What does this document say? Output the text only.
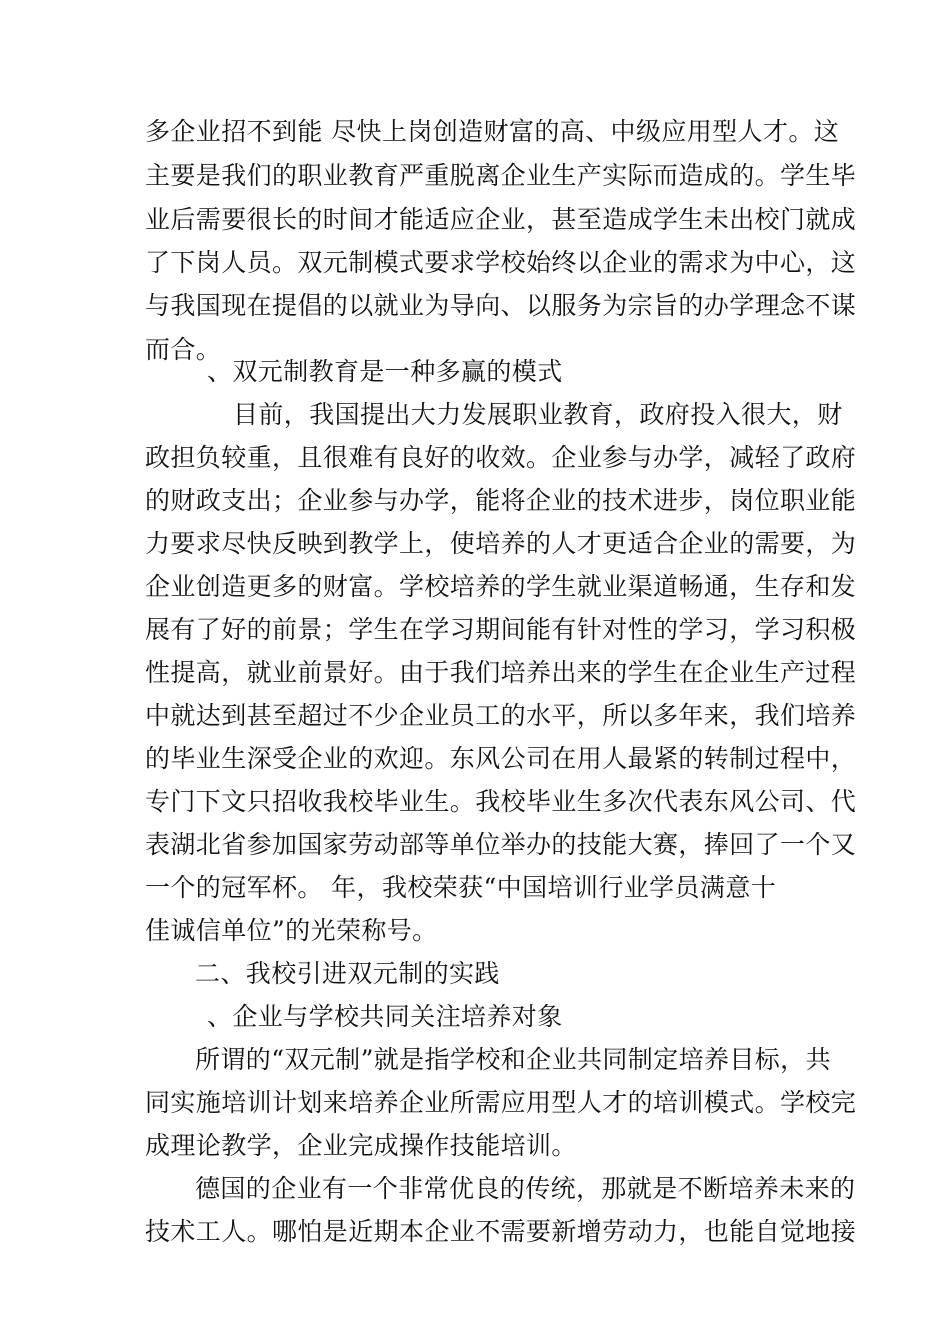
多企业招不到能 尽快上岗创造财富的高、中级应用型人才。这
主要是我们的职业教育严重脱离企业生产实际而造成的。学生毕
业后需要很长的时间才能适应企业，甚至造成学生未出校门就成
了下岗人员。双元制模式要求学校始终以企业的需求为中心，这
与我国现在提倡的以就业为导向、以服务为宗旨的办学理念不谋
而合。
、双元制教育是一种多赢的模式
目前，我国提出大力发展职业教育，政府投入很大，财
政担负较重，且很难有良好的收效。企业参与办学，减轻了政府
的财政支出；企业参与办学，能将企业的技术进步，岗位职业能
力要求尽快反映到教学上，使培养的人才更适合企业的需要，为
企业创造更多的财富。学校培养的学生就业渠道畅通，生存和发
展有了好的前景；学生在学习期间能有针对性的学习，学习积极
性提高，就业前景好。由于我们培养出来的学生在企业生产过程
中就达到甚至超过不少企业员工的水平，所以多年来，我们培养
的毕业生深受企业的欢迎。东风公司在用人最紧的转制过程中，
专门下文只招收我校毕业生。我校毕业生多次代表东风公司、代
表湖北省参加国家劳动部等单位举办的技能大赛，捧回了一个又
一个的冠军杯。 年，我校荣获“中国培训行业学员满意十
佳诚信单位”的光荣称号。
二、我校引进双元制的实践
、企业与学校共同关注培养对象
所谓的“双元制”就是指学校和企业共同制定培养目标，共
同实施培训计划来培养企业所需应用型人才的培训模式。学校完
成理论教学，企业完成操作技能培训。
德国的企业有一个非常优良的传统，那就是不断培养未来的
技术工人。哪怕是近期本企业不需要新增劳动力，也能自觉地接
